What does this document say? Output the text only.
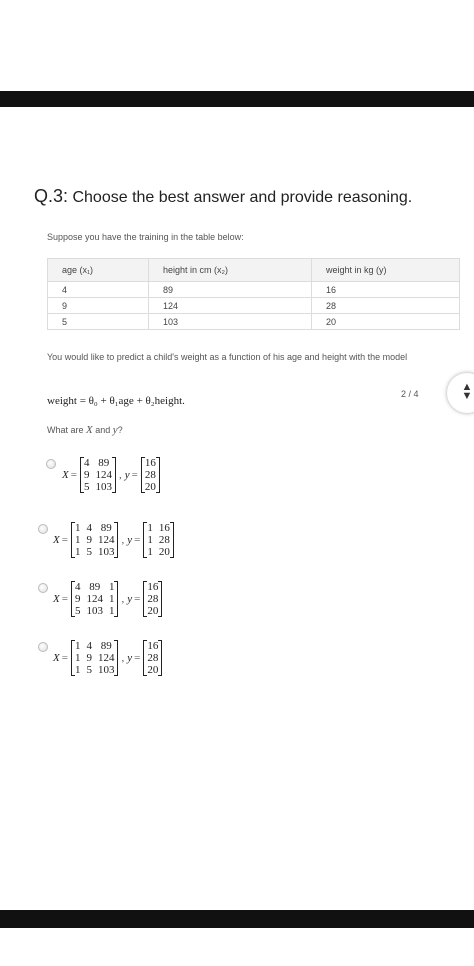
Q.3: Choose the best answer and provide reasoning.
Suppose you have the training in the table below:
age (x₁)	height in cm (x₂)	weight in kg (y)
4	89	16
9	124	28
5	103	20
You would like to predict a child's weight as a function of his age and height with the model
2 / 4
▲
▼
weight = θ₀ + θ₁age + θ₂height.
What are X and y?
X =
4 89
9 124
5 103
, y =
16
28
20
X =
1 4 89
1 9 124
1 5 103
, y =
1 16
1 28
1 20
X =
4 89 1
9 124 1
5 103 1
, y =
16
28
20
X =
1 4 89
1 9 124
1 5 103
, y =
16
28
20
